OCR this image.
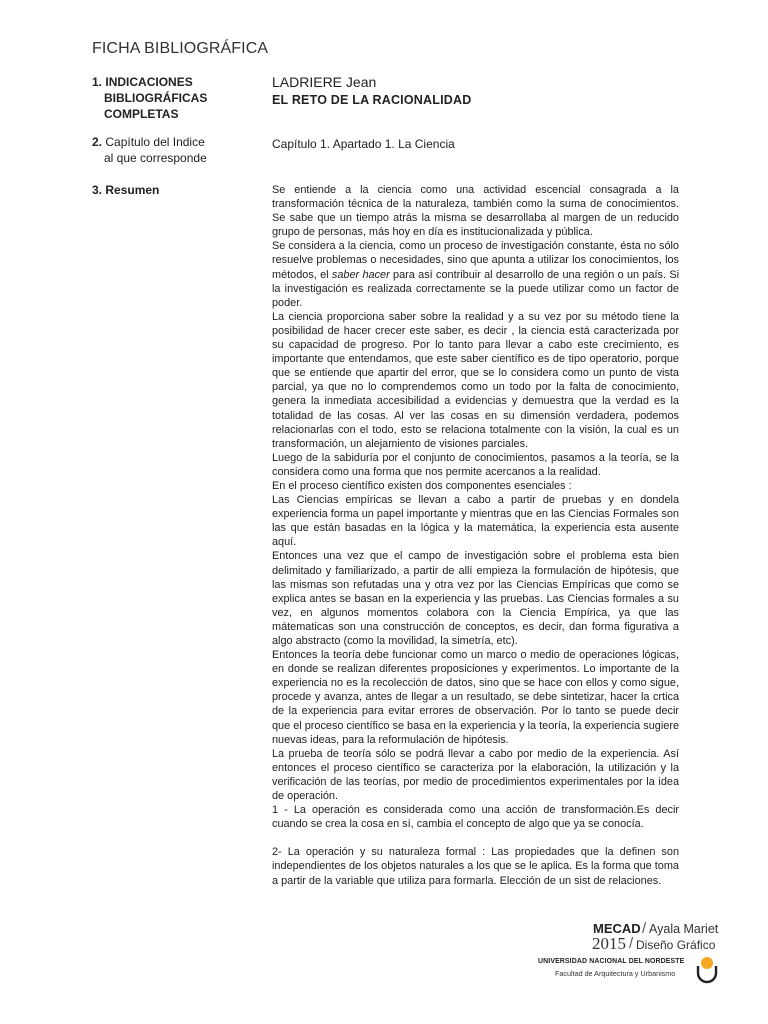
FICHA BIBLIOGRÁFICA
1. INDICACIONES
BIBLIOGRÁFICAS
COMPLETAS
2. Capítulo del Indice
al que corresponde
3. Resumen
LADRIERE Jean
EL RETO DE LA RACIONALIDAD
Capítulo 1. Apartado 1. La Ciencia

Se entiende a la ciencia como una actividad escencial consagrada a la transformación técnica de la naturaleza, también como la suma de conocimientos. Se sabe que un tiempo atrás la misma se desarrollaba al margen de un reducido grupo de personas, más hoy en día es institucionalizada y pública.

Se considera a la ciencia, como un proceso de investigación constante, ésta no sólo resuelve problemas o necesidades, sino que apunta a utilizar los conocimientos, los métodos, el saber hacer para así contribuir al desarrollo de una región o un país. Si la investigación es realizada correctamente se la puede utilizar como un factor de poder.

La ciencia proporciona saber sobre la realidad y a su vez por su método tiene la posibilidad de hacer crecer este saber, es decir , la ciencia está caracterizada por su capacidad de progreso. Por lo tanto para llevar a cabo este crecimiento, es importante que entendamos, que este saber científico es de tipo operatorio, porque que se entiende que apartir del error, que se lo considera como un punto de vista parcial, ya que no lo comprendemos como un todo por la falta de conocimiento, genera la inmediata accesibilidad a evidencias y demuestra que la verdad es la totalidad de las cosas. Al ver las cosas en su dimensión verdadera, podemos relacionarlas con el todo, esto se relaciona totalmente con la visión, la cual es un transformación, un alejamiento de visiones parciales.

Luego de la sabiduría por el conjunto de conocimientos, pasamos a la teoría, se la considera como una forma que nos permite acercanos a la realidad.

En el proceso científico existen dos componentes esenciales :

Las Ciencias empíricas se llevan a cabo a partir de pruebas y en dondela experiencia forma un papel importante y mientras que en las Ciencias Formales son las que están basadas en la lógica y la matemática, la experiencia esta ausente aquí.

Entonces una vez que el campo de investigación sobre el problema esta bien delimitado y familiarizado, a partir de allí empieza la formulación de hipótesis, que las mismas son refutadas una y otra vez por las Ciencias Empíricas que como se explica antes se basan en la experiencia y las pruebas. Las Ciencias formales a su vez, en algunos momentos colabora con la Ciencia Empírica, ya que las mátematicas son una construcción de conceptos, es decir, dan forma figurativa a algo abstracto (como la movilidad, la simetría, etc).

Entonces la teoría debe funcionar como un marco o medio de operaciones lógicas, en donde se realizan diferentes proposiciones y experimentos. Lo importante de la experiencia no es la recolección de datos, sino que se hace con ellos y como sigue, procede y avanza, antes de llegar a un resultado, se debe sintetizar, hacer la crtica de la experiencia para evitar errores de observación. Por lo tanto se puede decir que el proceso científico se basa en la experiencia y la teoría, la experiencia sugiere nuevas ideas, para la reformulación de hipótesis.

La prueba de teoría sólo se podrá llevar a cabo por medio de la experiencia. Así entonces el proceso científico se caracteriza por la elaboración, la utilización y la verificación de las teorías, por medio de procedimientos experimentales por la idea de operación.

1 - La operación es considerada como una acción de transformación.Es decir cuando se crea la cosa en sí, cambia el concepto de algo que ya se conocía.

2- La operación y su naturaleza formal : Las propiedades que la definen son independientes de los objetos naturales a los que se le aplica. Es la forma que toma a partir de la variable que utiliza para formarla. Elección de un sist de relaciones.

MECAD / Ayala Mariet
2015 / Diseño Gráfico
UNIVERSIDAD NACIONAL DEL NORDESTE
Facultad de Arquitectura y Urbanismo
